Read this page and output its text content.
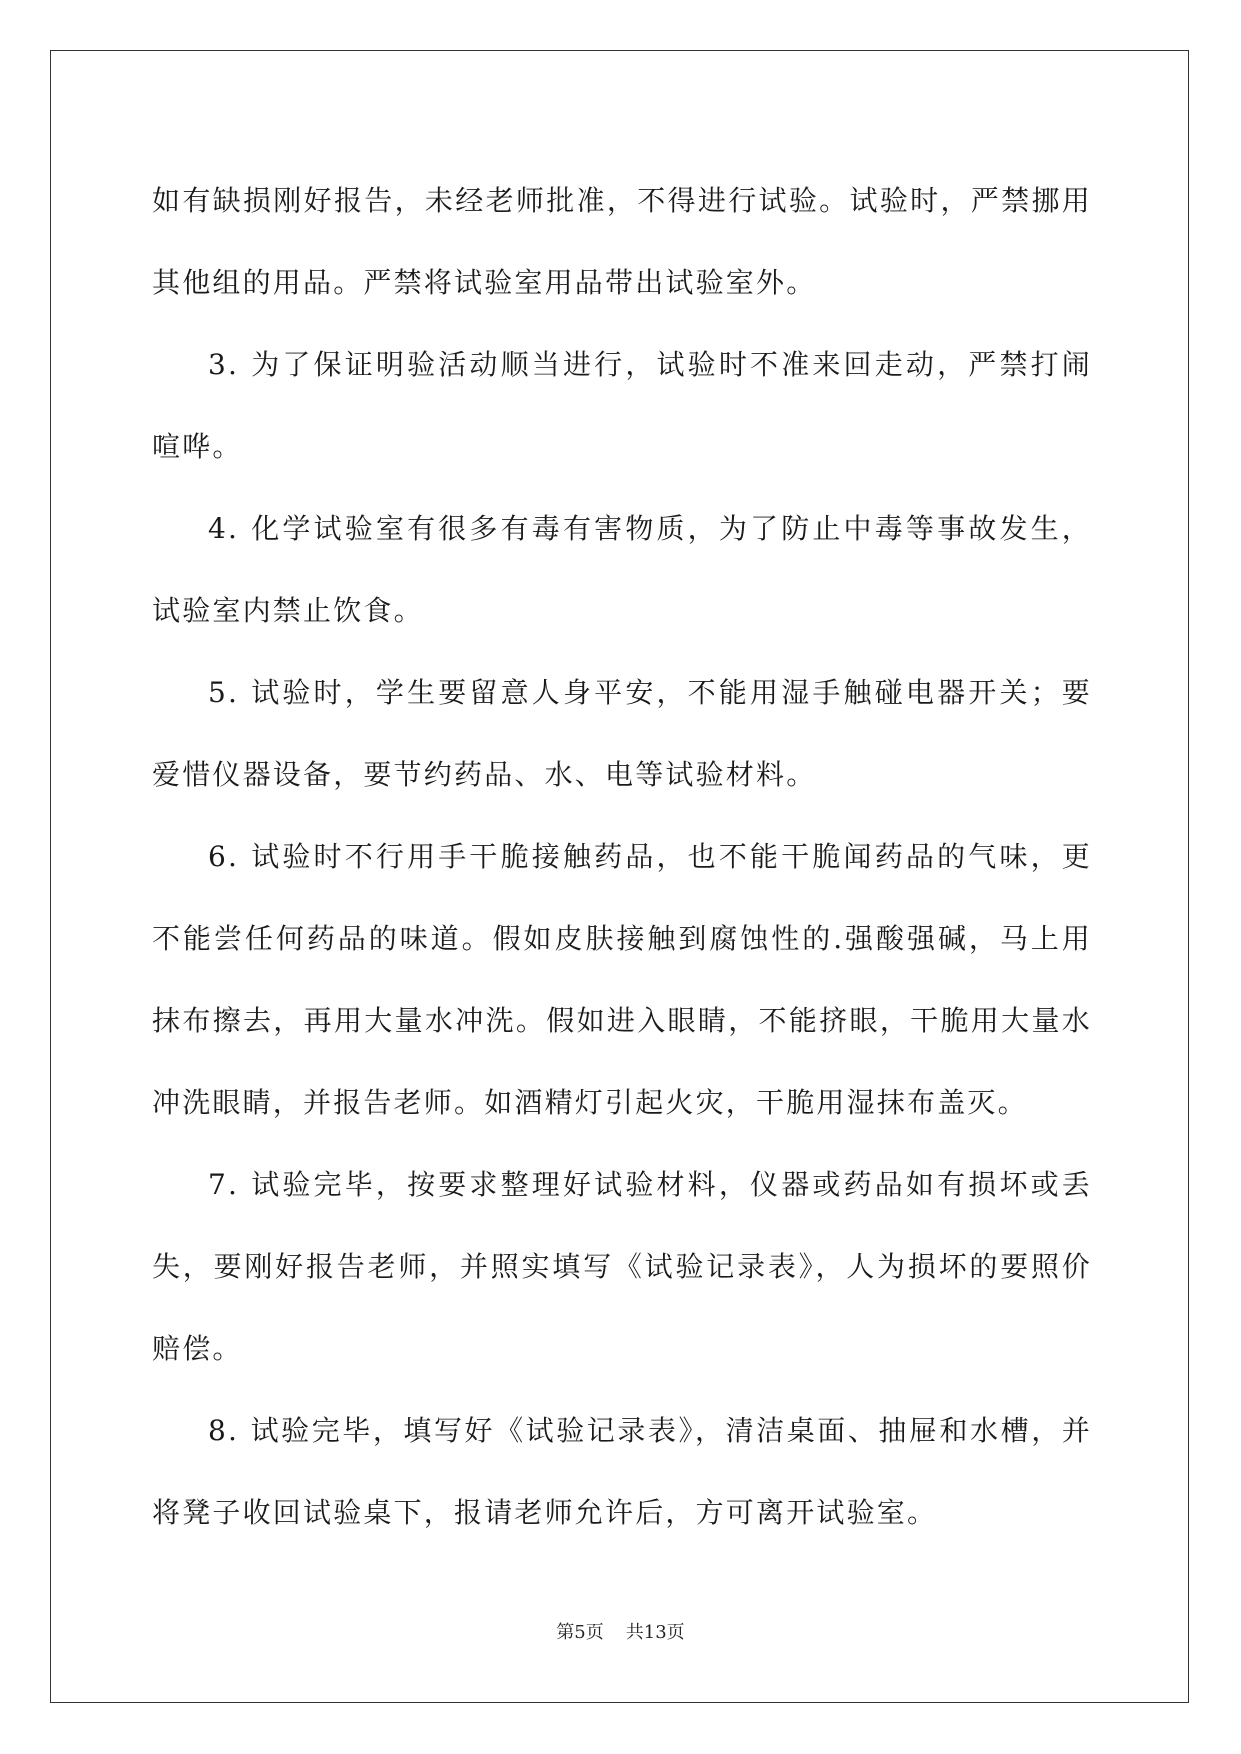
如有缺损刚好报告，未经老师批准，不得进行试验。试验时，严禁挪用其他组的用品。严禁将试验室用品带出试验室外。

3. 为了保证明验活动顺当进行，试验时不准来回走动，严禁打闹喧哗。

4. 化学试验室有很多有毒有害物质，为了防止中毒等事故发生，试验室内禁止饮食。

5. 试验时，学生要留意人身平安，不能用湿手触碰电器开关；要爱惜仪器设备，要节约药品、水、电等试验材料。

6. 试验时不行用手干脆接触药品，也不能干脆闻药品的气味，更不能尝任何药品的味道。假如皮肤接触到腐蚀性的.强酸强碱，马上用抹布擦去，再用大量水冲洗。假如进入眼睛，不能挤眼，干脆用大量水冲洗眼睛，并报告老师。如酒精灯引起火灾，干脆用湿抹布盖灭。

7. 试验完毕，按要求整理好试验材料，仪器或药品如有损坏或丢失，要刚好报告老师，并照实填写《试验记录表》，人为损坏的要照价赔偿。

8. 试验完毕，填写好《试验记录表》，清洁桌面、抽屉和水槽，并将凳子收回试验桌下，报请老师允许后，方可离开试验室。

第5页 共13页
